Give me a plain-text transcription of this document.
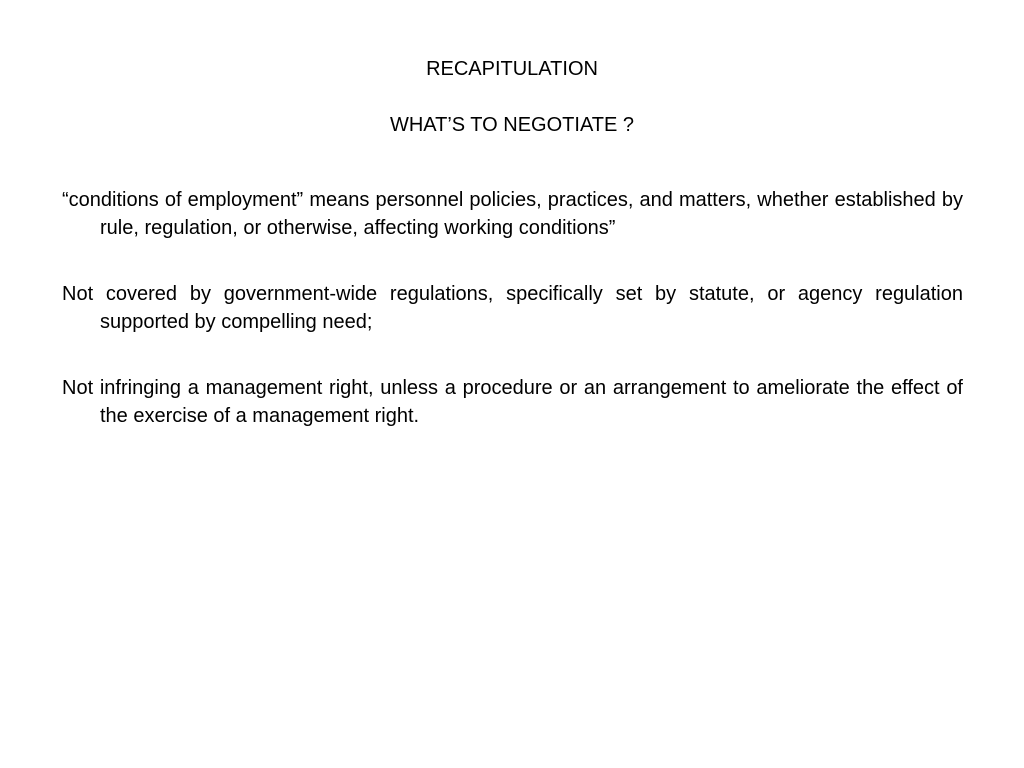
RECAPITULATION
WHAT’S TO NEGOTIATE ?

“conditions of employment” means personnel policies, practices, and matters, whether established by rule, regulation, or otherwise, affecting working conditions”

Not covered by government-wide regulations, specifically set by statute, or agency regulation supported by compelling need;

Not infringing a management right, unless a procedure or an arrangement to ameliorate the effect of the exercise of a management right.
